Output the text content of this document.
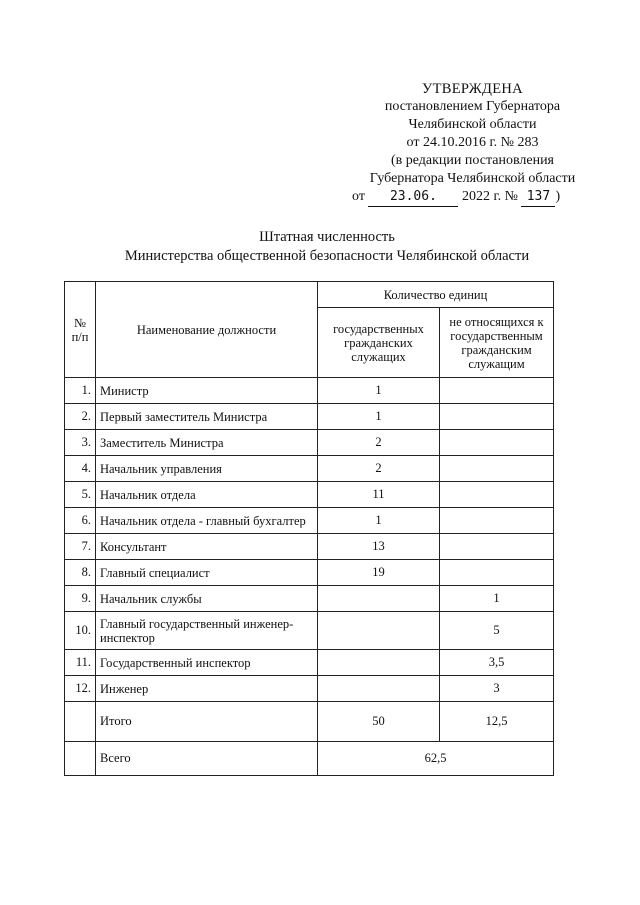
УТВЕРЖДЕНА
постановлением Губернатора
Челябинской области
от 24.10.2016 г. № 283
(в редакции постановления
Губернатора Челябинской области
от 23.06. 2022 г. № 137 )
Штатная численность
Министерства общественной безопасности Челябинской области
№ п/п	Наименование должности	Количество единиц	
		государственных гражданских служащих	не относящихся к государственным гражданским служащим
1.	Министр	1	
2.	Первый заместитель Министра	1	
3.	Заместитель Министра	2	
4.	Начальник управления	2	
5.	Начальник отдела	11	
6.	Начальник отдела - главный бухгалтер	1	
7.	Консультант	13	
8.	Главный специалист	19	
9.	Начальник службы		1
10.	Главный государственный инженер-инспектор		5
11.	Государственный инспектор		3,5
12.	Инженер		3
	Итого	50	12,5
	Всего	62,5	
